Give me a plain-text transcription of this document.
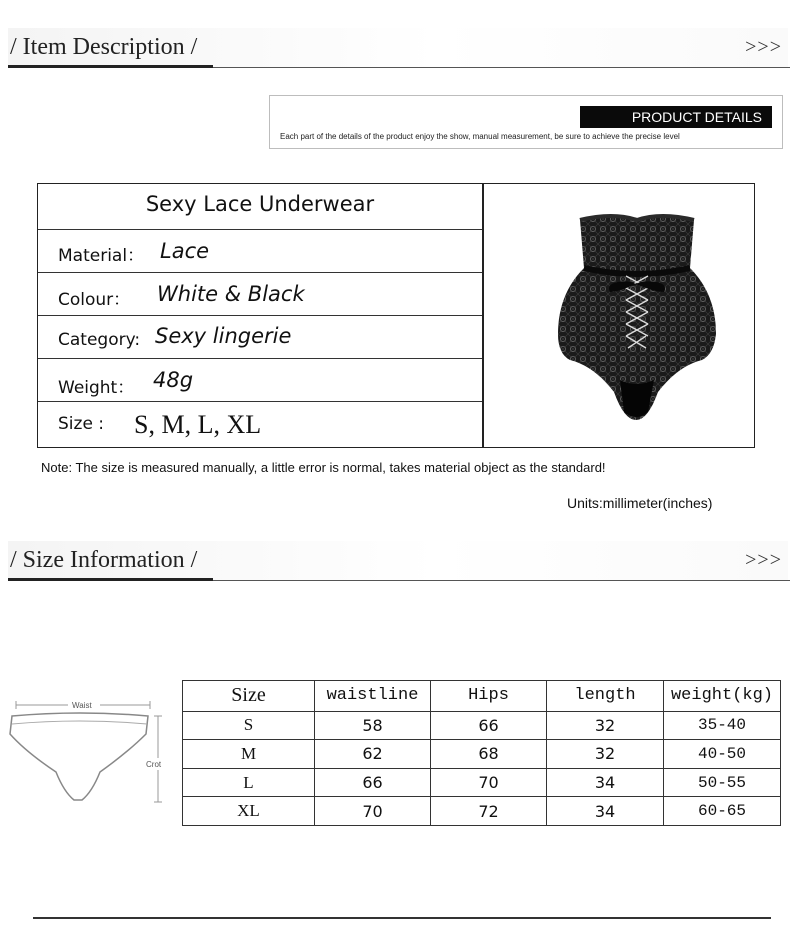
/ Item Description /	>>>
PRODUCT DETAILS
Each part of the details of the product enjoy the show, manual measurement, be sure to achieve the precise level
Sexy Lace Underwear
Material： Lace
Colour： White & Black
Category: Sexy lingerie
Weight： 48g
Size : S, M, L, XL
Note: The size is measured manually, a little error is normal, takes material object as the standard!
Units:millimeter(inches)
/ Size Information /	>>>
Waist
Crot
Size	waistline	Hips	length	weight(kg)
S	58	66	32	35-40
M	62	68	32	40-50
L	66	70	34	50-55
XL	70	72	34	60-65
